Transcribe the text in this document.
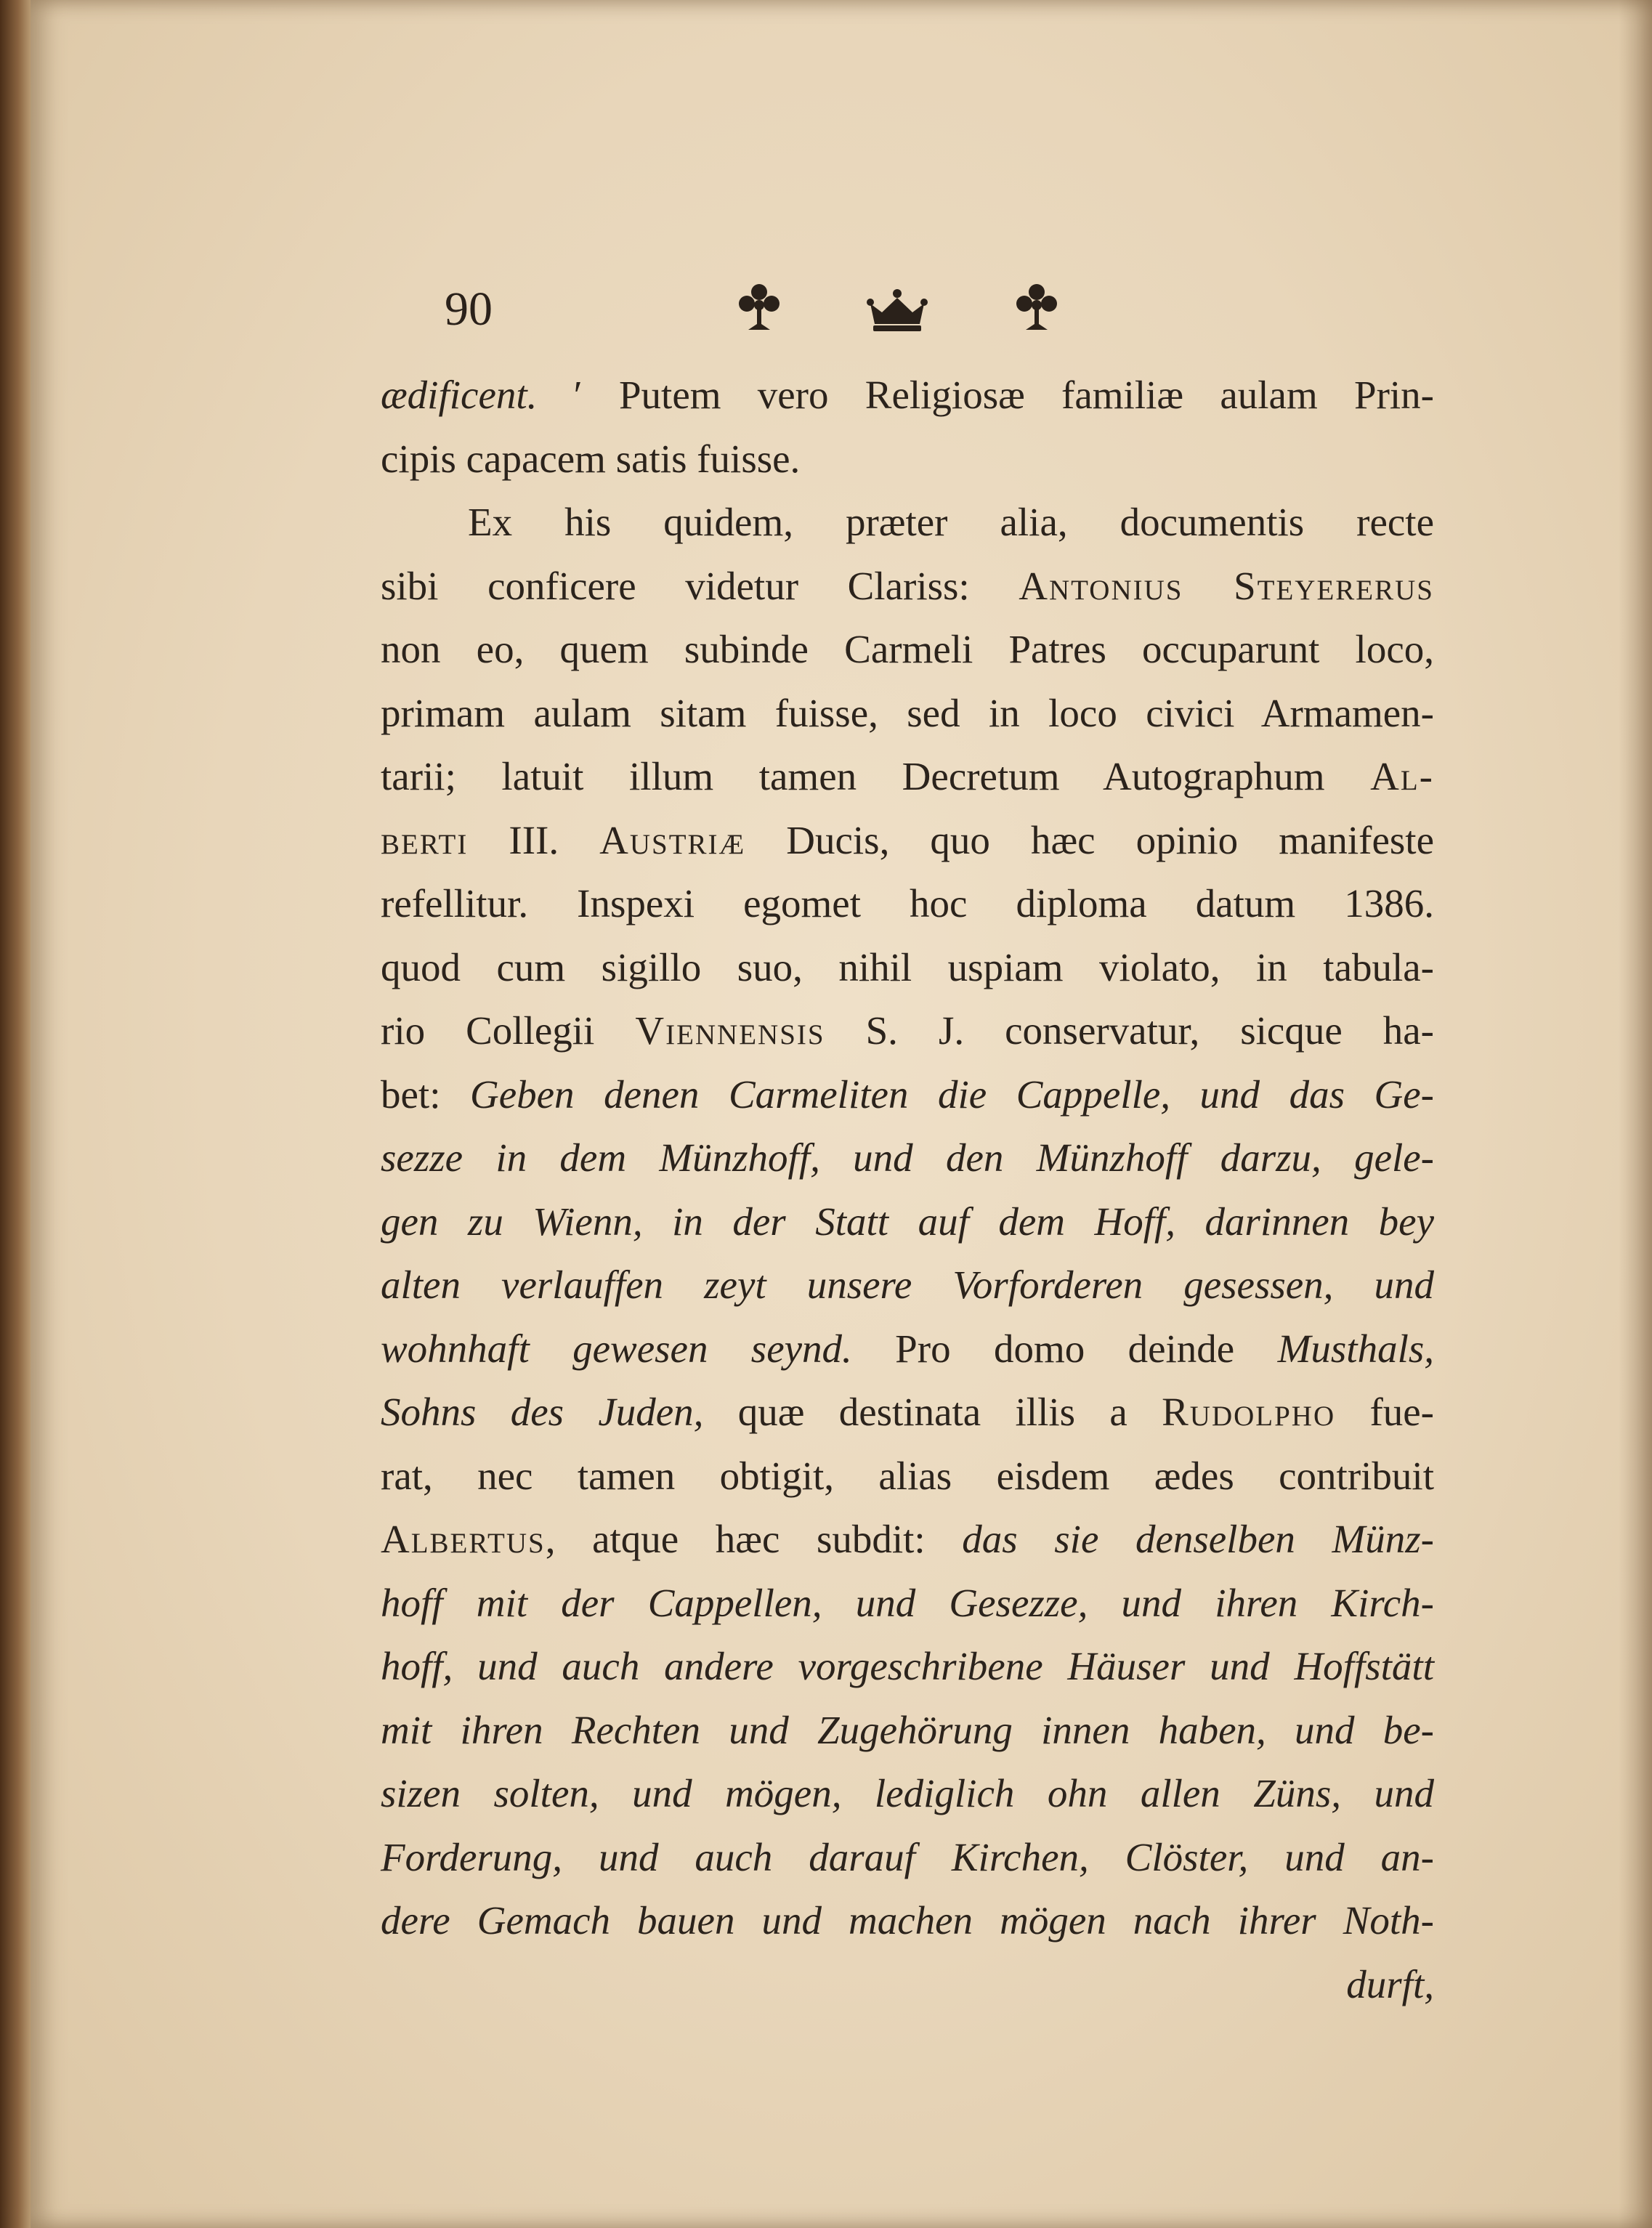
90
ædificent. ′ Putem vero Religiosæ familiæ aulam Prin-
cipis capacem satis fuisse.
Ex his quidem, præter alia, documentis recte
sibi conficere videtur Clariss: Antonius Steyererus
non eo, quem subinde Carmeli Patres occuparunt loco,
primam aulam sitam fuisse, sed in loco civici Armamen-
tarii; latuit illum tamen Decretum Autographum Al-
berti III. Austriæ Ducis, quo hæc opinio manifeste
refellitur. Inspexi egomet hoc diploma datum 1386.
quod cum sigillo suo, nihil uspiam violato, in tabula-
rio Collegii Viennensis S. J. conservatur, sicque ha-
bet: Geben denen Carmeliten die Cappelle, und das Ge-
sezze in dem Münzhoff, und den Münzhoff darzu, gele-
gen zu Wienn, in der Statt auf dem Hoff, darinnen bey
alten verlauffen zeyt unsere Vorforderen gesessen, und
wohnhaft gewesen seynd. Pro domo deinde Musthals,
Sohns des Juden, quæ destinata illis a Rudolpho fue-
rat, nec tamen obtigit, alias eisdem ædes contribuit
Albertus, atque hæc subdit: das sie denselben Münz-
hoff mit der Cappellen, und Gesezze, und ihren Kirch-
hoff, und auch andere vorgeschribene Häuser und Hoffstätt
mit ihren Rechten und Zugehörung innen haben, und be-
sizen solten, und mögen, lediglich ohn allen Züns, und
Forderung, und auch darauf Kirchen, Clöster, und an-
dere Gemach bauen und machen mögen nach ihrer Noth-
durft,
